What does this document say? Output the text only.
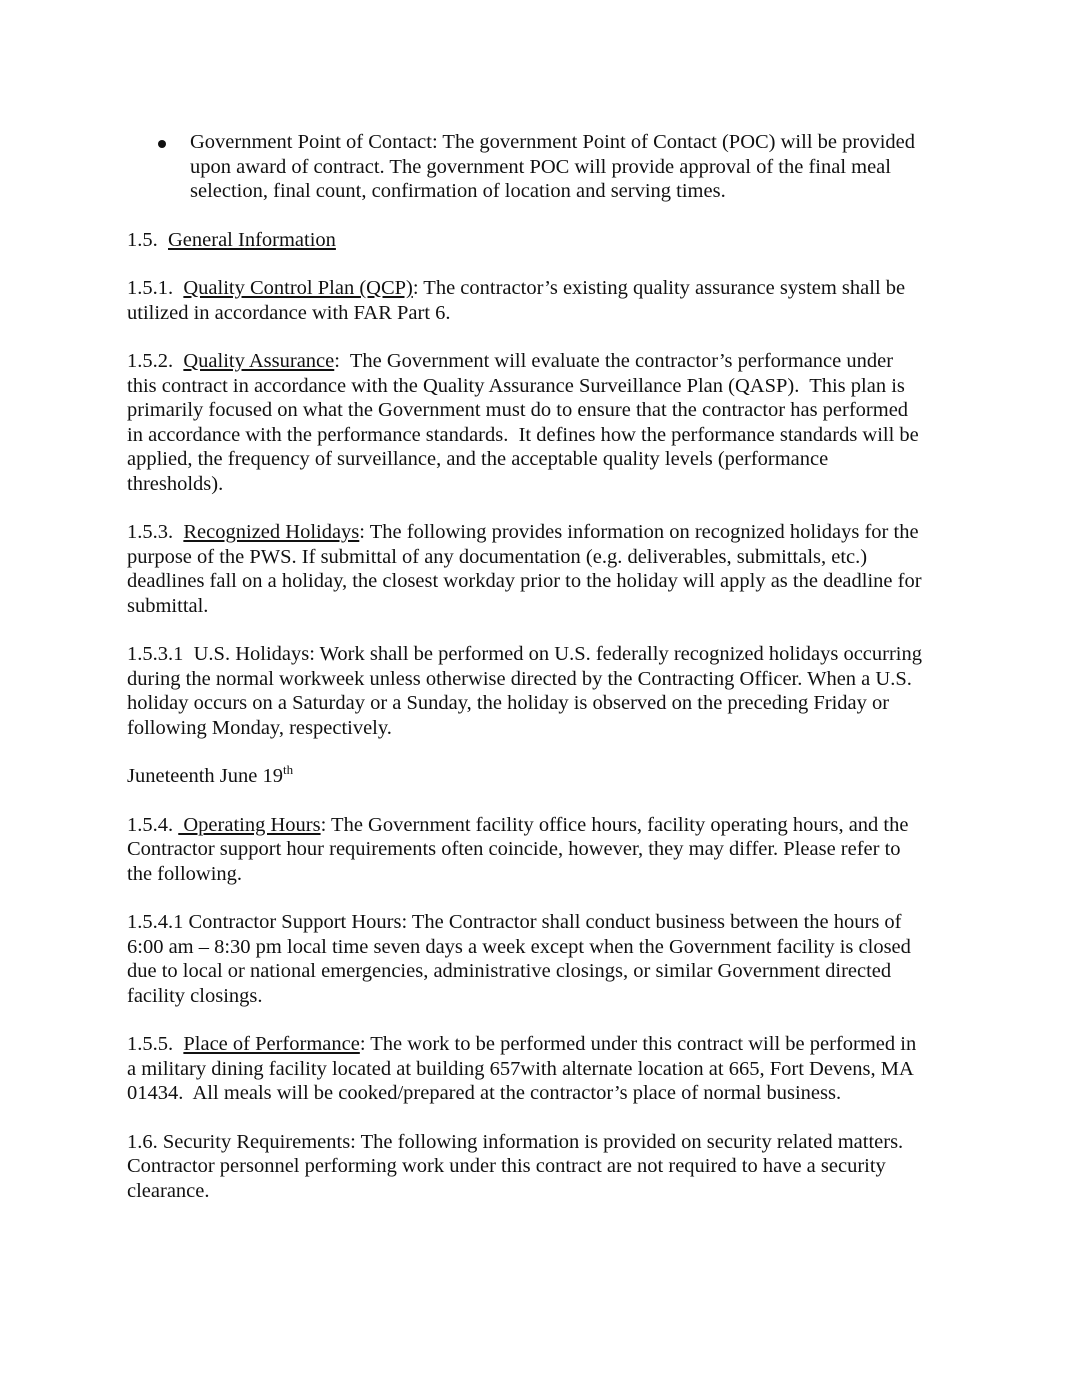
Government Point of Contact: The government Point of Contact (POC) will be provided
upon award of contract. The government POC will provide approval of the final meal
selection, final count, confirmation of location and serving times.
1.5.  General Information
1.5.1.  Quality Control Plan (QCP): The contractor’s existing quality assurance system shall be
utilized in accordance with FAR Part 6.
1.5.2.  Quality Assurance:  The Government will evaluate the contractor’s performance under
this contract in accordance with the Quality Assurance Surveillance Plan (QASP).  This plan is
primarily focused on what the Government must do to ensure that the contractor has performed
in accordance with the performance standards.  It defines how the performance standards will be
applied, the frequency of surveillance, and the acceptable quality levels (performance
thresholds).
1.5.3.  Recognized Holidays: The following provides information on recognized holidays for the
purpose of the PWS. If submittal of any documentation (e.g. deliverables, submittals, etc.)
deadlines fall on a holiday, the closest workday prior to the holiday will apply as the deadline for
submittal.
1.5.3.1  U.S. Holidays: Work shall be performed on U.S. federally recognized holidays occurring
during the normal workweek unless otherwise directed by the Contracting Officer. When a U.S.
holiday occurs on a Saturday or a Sunday, the holiday is observed on the preceding Friday or
following Monday, respectively.
Juneteenth June 19th
1.5.4.  Operating Hours: The Government facility office hours, facility operating hours, and the
Contractor support hour requirements often coincide, however, they may differ. Please refer to
the following.
1.5.4.1 Contractor Support Hours: The Contractor shall conduct business between the hours of
6:00 am – 8:30 pm local time seven days a week except when the Government facility is closed
due to local or national emergencies, administrative closings, or similar Government directed
facility closings.
1.5.5.  Place of Performance: The work to be performed under this contract will be performed in
a military dining facility located at building 657with alternate location at 665, Fort Devens, MA
01434.  All meals will be cooked/prepared at the contractor’s place of normal business.
1.6. Security Requirements: The following information is provided on security related matters.
Contractor personnel performing work under this contract are not required to have a security
clearance.
